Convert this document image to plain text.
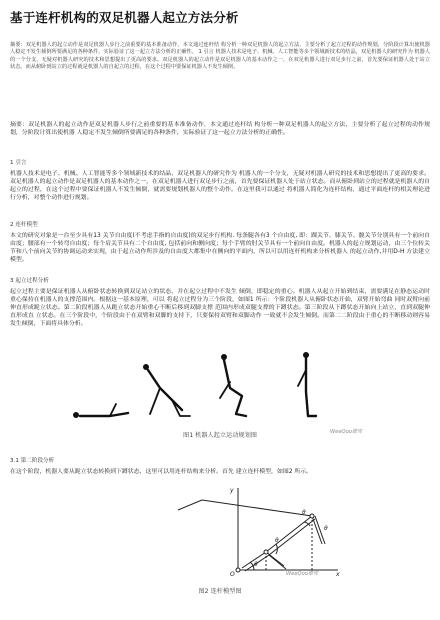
基于连杆机构的双足机器人起立方法分析
摘要：双足机器人的起立动作是双足机器人步行之前重要的基本准备动作，本文通过连杆结 构分析一种双足机器人的起立方法，主要分析了起立过程的动作规划，分阶段计算出使机器 人稳定不发生倾倒所要满足的各种条件，实际验证了这一起立方法分析的正确性。 1 引言 机器人技术是电子、机械、人工智能等多个领域新技术的结晶，双足机器人的研究作为 机器人的一个分支，无疑对机器人研究的技术和思想提出了更高的要求。双足机器人的起立动作是双足机器人的基本动作之一，在双足机器人进行双足步行之前，首先要保证机器人处于站立状态。而从俯卧到站立的过程就是机器人的自起立的过程，在这个过程中要保证机器人不发生倾倒。
摘要：双足机器人的起立动作是双足机器人步行之前重要的基本准备动作，本文通过连杆结 构分析一种双足机器人的起立方法，主要分析了起立过程的动作规划，分阶段计算出使机器 人稳定不发生倾倒所要满足的各种条件，实际验证了这一起立方法分析的正确性。
1 引言
机器人技术是电子、机械、人工智能等多个领域新技术的结晶，双足机器人的研究作为 机器人的一个分支，无疑对机器人研究的技术和思想提出了更高的要求。 双足机器人的起立动作是双足机器人的基本动作之一，在双足机器人进行双足步行之前，首先要保证机器人处于站立状态。而从俯卧到站立的过程就是机器人的自起立的过程，在这个过程中要保证机器人不发生倾倒，就需要规划机器人的整个动作。在这里我可以通过 将机器人简化为连杆结构，通过平面连杆的相关理论进行分析，对整个动作进行规划。
2 连杆模型
本文的研究对象是一台至少具有13 关节自由度(不考虑手指的自由度)的双足步行机构. 每条腿各有3 个自由度, 即：踝关节、膝关节、髋关节分别具有一个前向自由度；腰部有一个转弯自由度；每个肩关节具有二个自由度, 包括前向和侧向度；每个手臂的肘关节具有一个前向自由度。机器人的起立规划运动，由三个位转关节和八个前向关节的协调运动来实现，由于起立动作所涉及的自由度大都集中在侧向的平面内，所以可以用连杆机构来分析机器人 的起立动作,并用D-H 方法建立模型。
3 起立过程分析
起立过程主要是保证机器人从俯卧状态转换到双足站立的状态，并在起立过程中不发生 倾倒，即稳定的重心。机器人从起立开始到结束，需要满足在静态运动时重心保持在机器人的支撑范围内。根据这一基本原理，可以 将起立过程分为三个阶段，如图1 所示：个阶段机器人从俯卧状态开始，双臂开始弯曲 同时双臂向前伸直形成跪立状态。第二阶段机器人从跪立状态开始重心不断后移到双脚支撑 范围内形成双腿支撑的下蹲状态。第三阶段从下蹲状态开始向上站立，直到双腿伸直形成直 立状态。在三个阶段中，个阶段由于在双臂和双脚的支持下，只要保持双臂和双脚动作 一致就不会发生倾倒。而第二二阶段由于重心的不断移动则容易发生倾倒，下面将具体分析。
图1 机器人起立运动规划图	WeeQoo维库
3.1 第二阶段分析
在这个阶段，机器人要从跪立状态转换到下蹲状态，这里可以用连杆结构来分析。首先 建立连杆模型，如图2 所示。
y
θ
θ
θ
θ
O	x
WeeQoo维库
图2 连杆模型图
